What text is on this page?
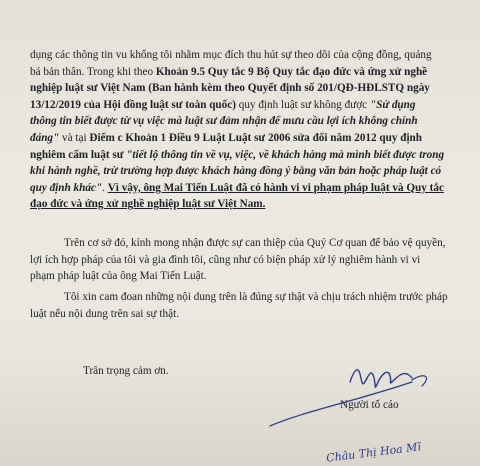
dụng các thông tin vu khống tôi nhằm mục đích thu hút sự theo dõi của cộng đồng, quảng
bá bản thân. Trong khi theo Khoản 9.5 Quy tắc 9 Bộ Quy tắc đạo đức và ứng xử nghề
nghiệp luật sư Việt Nam (Ban hành kèm theo Quyết định số 201/QĐ-HĐLSTQ ngày
13/12/2019 của Hội đồng luật sư toàn quốc) quy định luật sư không được "Sử dụng
thông tin biết được từ vụ việc mà luật sư đảm nhận để mưu cầu lợi ích không chính
đáng" và tại Điểm c Khoản 1 Điều 9 Luật Luật sư 2006 sửa đổi năm 2012 quy định
nghiêm cấm luật sư "tiết lộ thông tin về vụ, việc, về khách hàng mà mình biết được trong
khi hành nghề, trừ trường hợp được khách hàng đồng ý bằng văn bản hoặc pháp luật có
quy định khác". Vì vậy, ông Mai Tiến Luật đã có hành vi vi phạm pháp luật và Quy tắc
đạo đức và ứng xử nghề nghiệp luật sư Việt Nam.
Trên cơ sở đó, kính mong nhận được sự can thiệp của Quý Cơ quan để bảo vệ quyền,
lợi ích hợp pháp của tôi và gia đình tôi, cũng như có biện pháp xử lý nghiêm hành vi vi
phạm pháp luật của ông Mai Tiến Luật.
Tôi xin cam đoan những nội dung trên là đúng sự thật và chịu trách nhiệm trước pháp
luật nếu nội dung trên sai sự thật.
Trân trọng cảm ơn.
Người tố cáo
Châu Thị Hoa Mĩ
